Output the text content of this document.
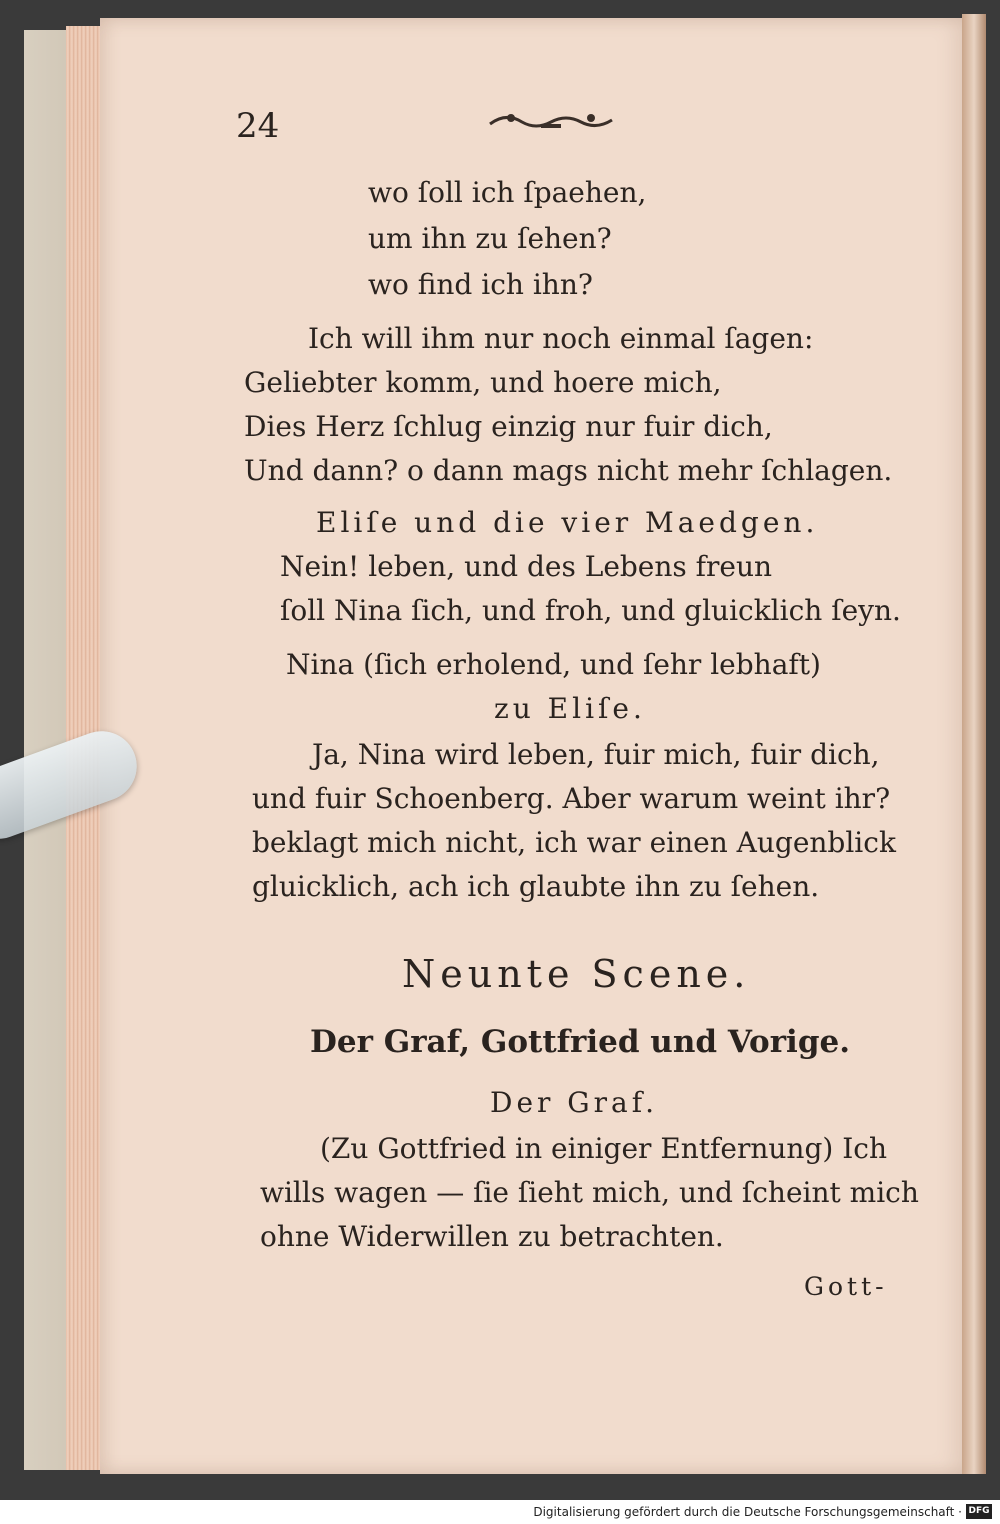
24
wo ſoll ich ſpaehen,
um ihn zu ſehen?
wo find ich ihn?
Ich will ihm nur noch einmal ſagen:
Geliebter komm, und hoere mich,
Dies Herz ſchlug einzig nur fuir dich,
Und dann? o dann mags nicht mehr ſchlagen.
Eliſe und die vier Maedgen.
Nein! leben, und des Lebens freun
ſoll Nina ſich, und froh, und gluicklich ſeyn.
Nina (ſich erholend, und ſehr lebhaft)
zu Eliſe.
Ja, Nina wird leben, fuir mich, fuir dich,
und fuir Schoenberg. Aber warum weint ihr?
beklagt mich nicht, ich war einen Augenblick
gluicklich, ach ich glaubte ihn zu ſehen.
Neunte Scene.
Der Graf, Gottfried und Vorige.
Der Graf.
(Zu Gottfried in einiger Entfernung) Ich
wills wagen — ſie ſieht mich, und ſcheint mich
ohne Widerwillen zu betrachten.
Gott-
Digitalisierung gefördert durch die Deutsche Forschungsgemeinschaft · DFG
